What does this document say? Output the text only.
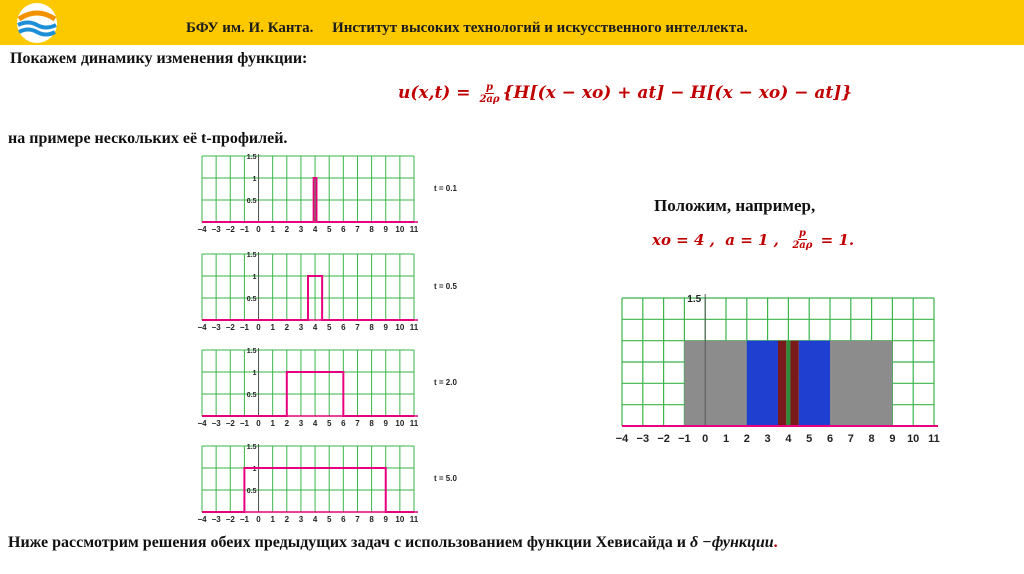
БФУ им. И. Канта.     Институт высоких технологий и искусственного интеллекта.
Покажем динамику изменения функции:
$u(x,t) = \frac{p}{2a\rho} \{H[(x - xo) + at] - H[(x - xo) - at]\}$
на примере нескольких её t-профилей.
Положим, например,
xo = 4 ,  a = 1 , $\frac{p}{2a\rho} = 1$.
−4 −3 −2 −1 0 1 2 3 4 5 6 7 8 9 10 11
0.5
1
1.5
t = 0.1
−4 −3 −2 −1 0 1 2 3 4 5 6 7 8 9 10 11
0.5
1
1.5
t = 0.5
−4 −3 −2 −1 0 1 2 3 4 5 6 7 8 9 10 11
0.5
1
1.5
t = 2.0
−4 −3 −2 −1 0 1 2 3 4 5 6 7 8 9 10 11
0.5
1
1.5
t = 5.0
−4 −3 −2 −1 0 1 2 3 4 5 6 7 8 9 10 11
1.5
Ниже рассмотрим решения обеих предыдущих задач с использованием функции Хевисайда и δ −функции.
